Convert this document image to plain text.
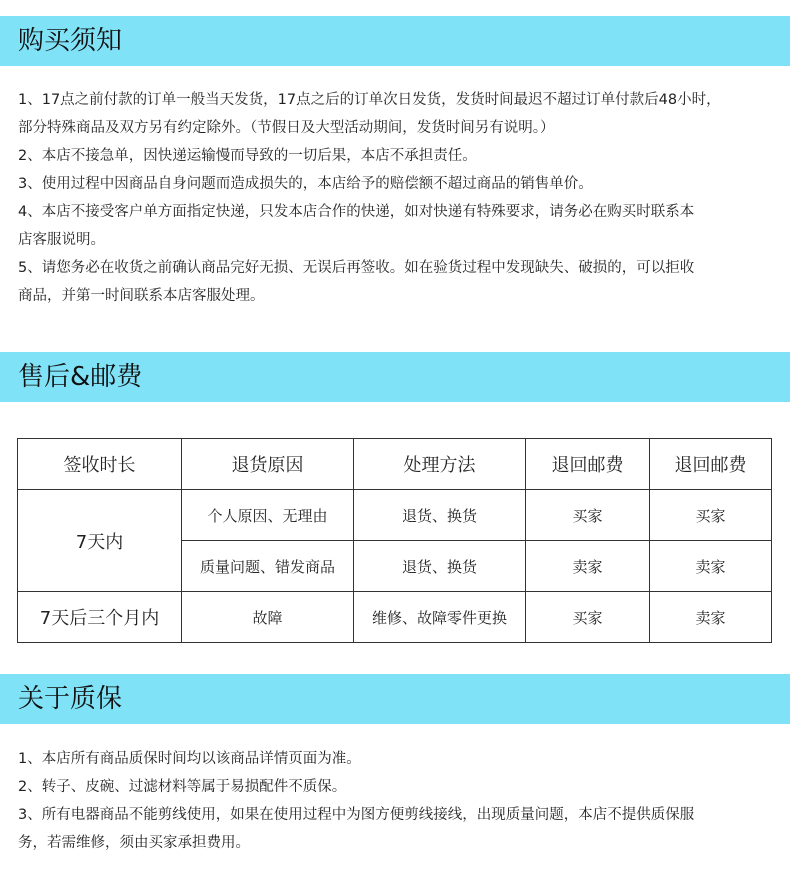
购买须知

1、17点之前付款的订单一般当天发货，17点之后的订单次日发货，发货时间最迟不超过订单付款后48小时，

部分特殊商品及双方另有约定除外。（节假日及大型活动期间，发货时间另有说明。）

2、本店不接急单，因快递运输慢而导致的一切后果，本店不承担责任。

3、使用过程中因商品自身问题而造成损失的，本店给予的赔偿额不超过商品的销售单价。

4、本店不接受客户单方面指定快递，只发本店合作的快递，如对快递有特殊要求，请务必在购买时联系本

店客服说明。

5、请您务必在收货之前确认商品完好无损、无误后再签收。如在验货过程中发现缺失、破损的，可以拒收

商品，并第一时间联系本店客服处理。

售后&邮费
签收时长	退货原因	处理方法	退回邮费	退回邮费
7天内	个人原因、无理由	退货、换货	买家	买家
	质量问题、错发商品	退货、换货	卖家	卖家
7天后三个月内	故障	维修、故障零件更换	买家	卖家
关于质保

1、本店所有商品质保时间均以该商品详情页面为准。

2、转子、皮碗、过滤材料等属于易损配件不质保。

3、所有电器商品不能剪线使用，如果在使用过程中为图方便剪线接线，出现质量问题，本店不提供质保服

务，若需维修，须由买家承担费用。
